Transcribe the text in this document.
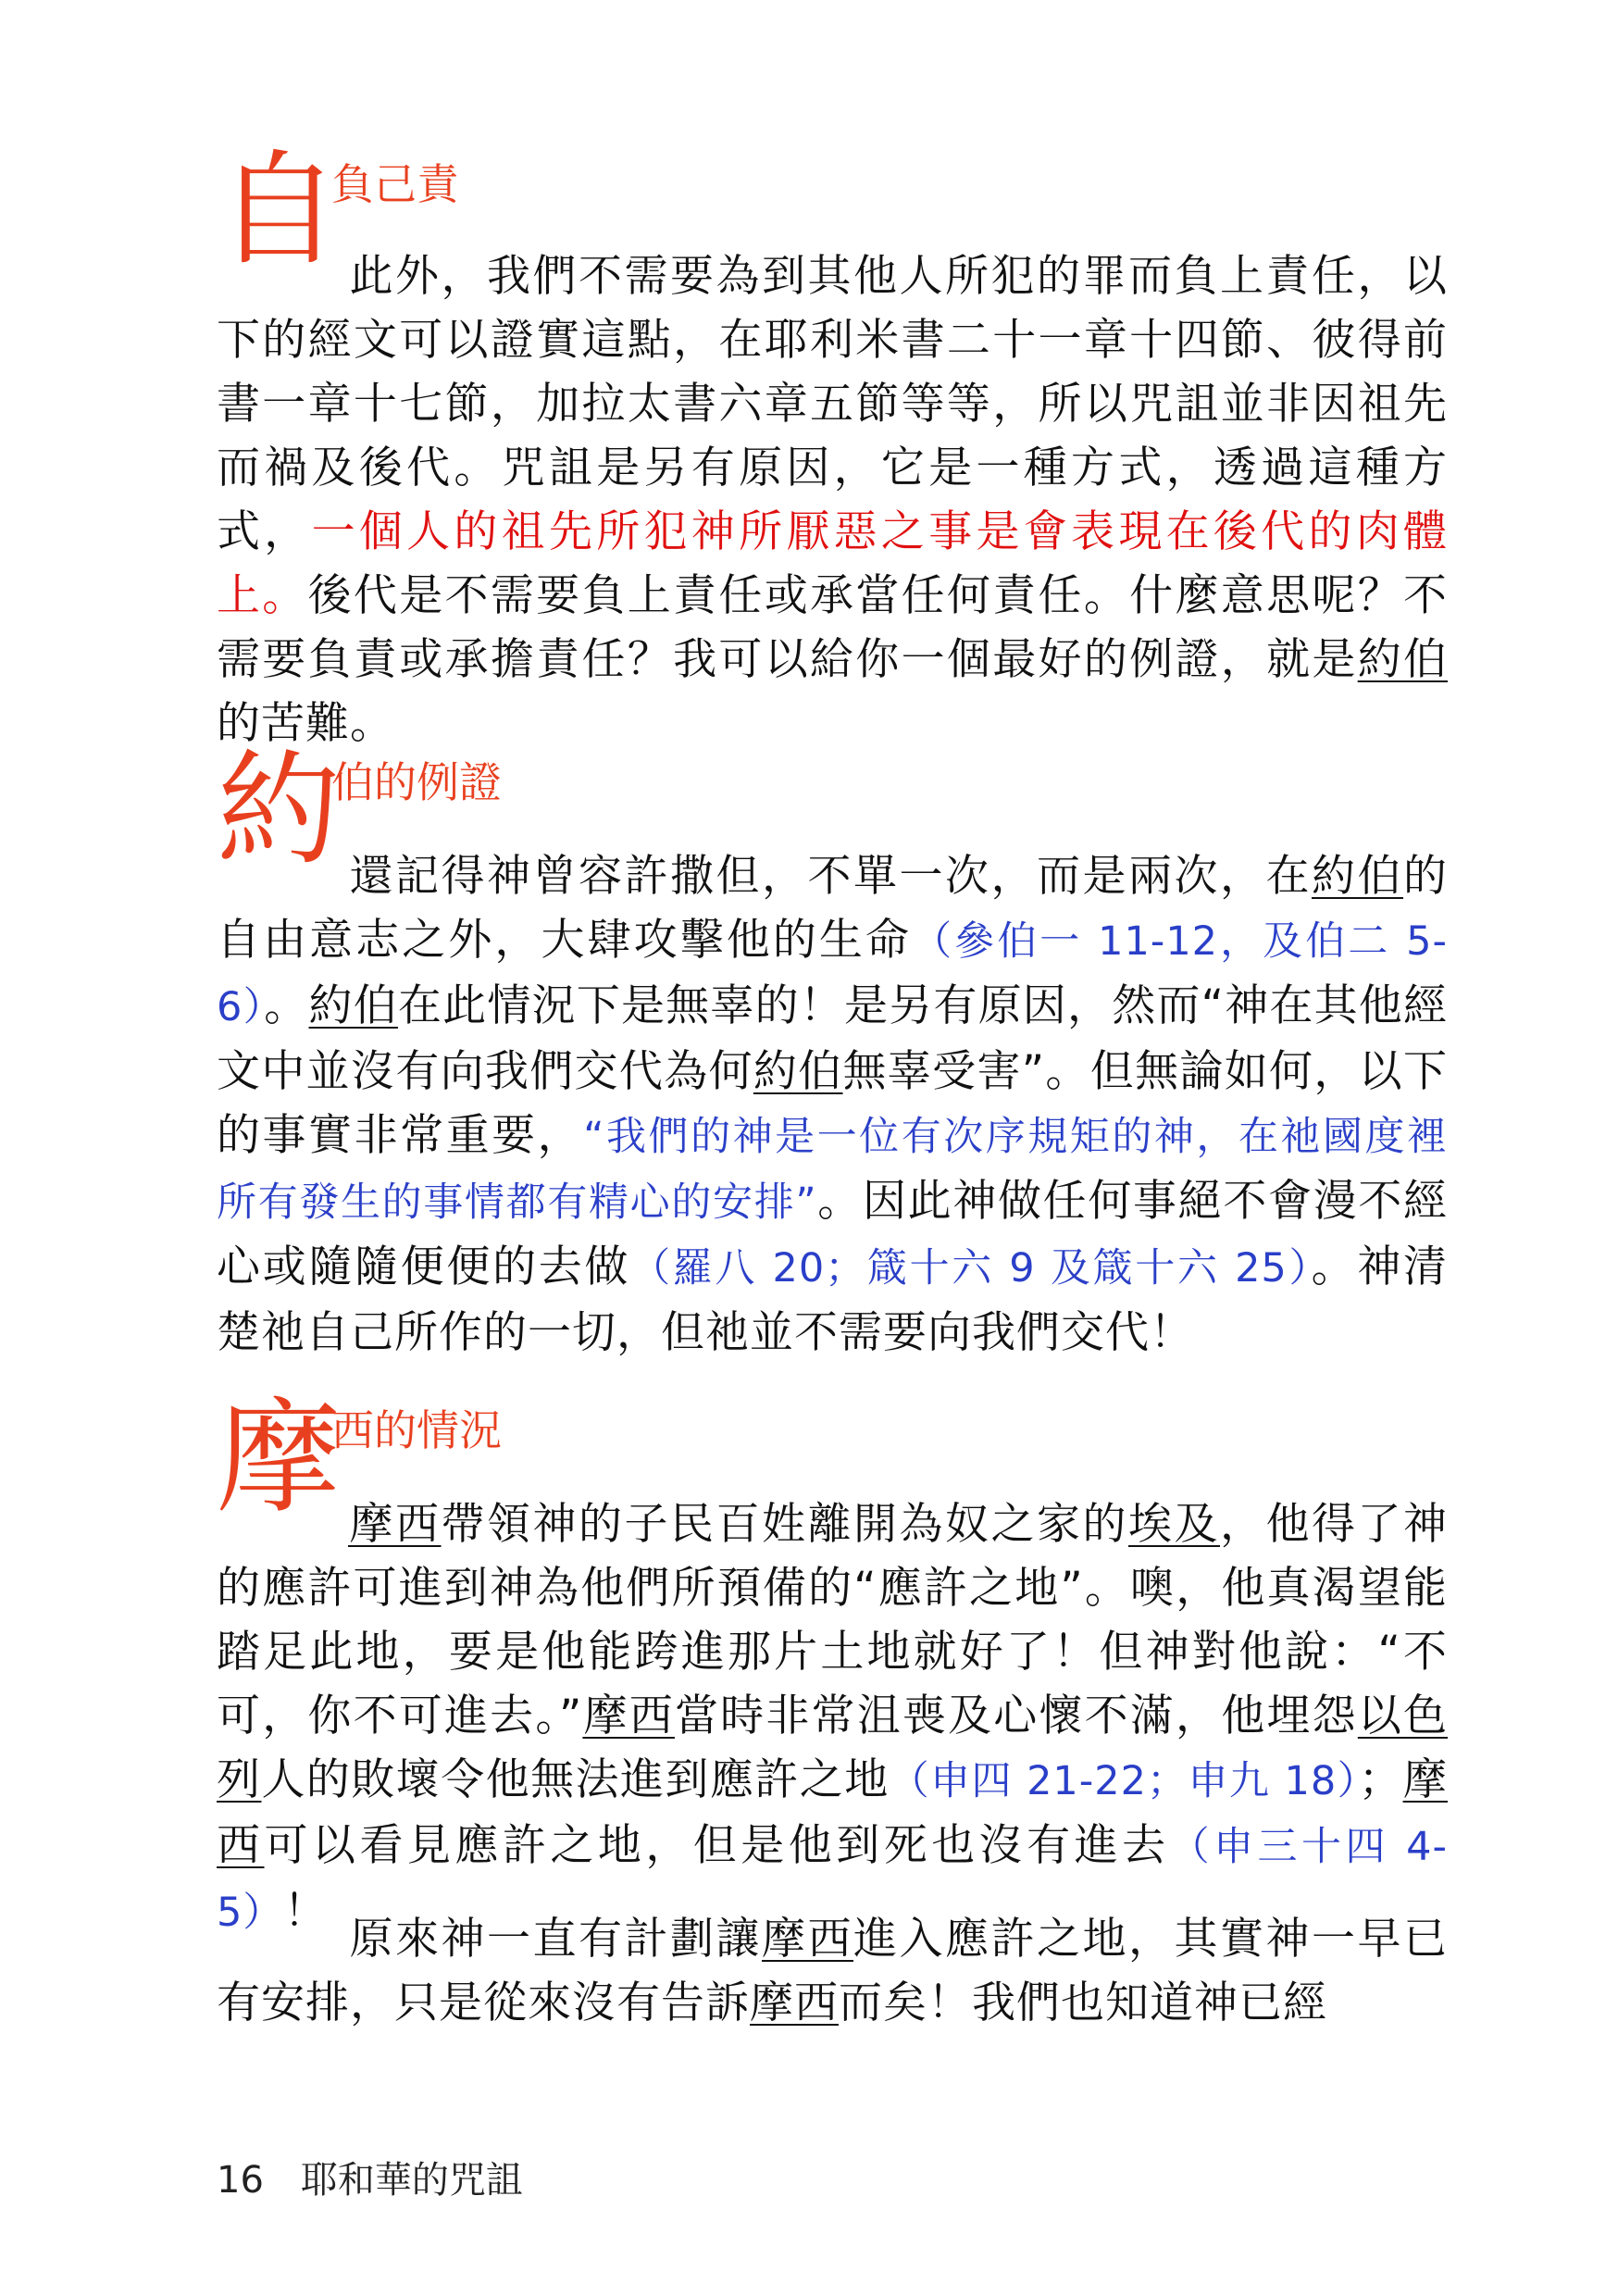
自
負己責

此外，我們不需要為到其他人所犯的罪而負上責任，以下的經文可以證實這點，在耶利米書二十一章十四節、彼得前書一章十七節，加拉太書六章五節等等，所以咒詛並非因祖先而禍及後代。咒詛是另有原因，它是一種方式，透過這種方式，一個人的祖先所犯神所厭惡之事是會表現在後代的肉體上。後代是不需要負上責任或承當任何責任。什麼意思呢？不需要負責或承擔責任？我可以給你一個最好的例證，就是約伯的苦難。

約
伯的例證

還記得神曾容許撒但，不單一次，而是兩次，在約伯的自由意志之外，大肆攻擊他的生命（參伯一 11-12，及伯二 5-6）。約伯在此情況下是無辜的！是另有原因，然而“神在其他經文中並沒有向我們交代為何約伯無辜受害”。但無論如何，以下的事實非常重要，“我們的神是一位有次序規矩的神，在祂國度裡所有發生的事情都有精心的安排”。因此神做任何事絕不會漫不經心或隨隨便便的去做（羅八 20；箴十六 9 及箴十六 25）。神清楚祂自己所作的一切，但祂並不需要向我們交代！

摩
西的情況

摩西帶領神的子民百姓離開為奴之家的埃及，他得了神的應許可進到神為他們所預備的“應許之地”。噢，他真渴望能踏足此地，要是他能跨進那片土地就好了！但神對他說：“不可，你不可進去。”摩西當時非常沮喪及心懷不滿，他埋怨以色列人的敗壞令他無法進到應許之地（申四 21-22；申九 18）；摩西可以看見應許之地，但是他到死也沒有進去（申三十四 4-5）！

原來神一直有計劃讓摩西進入應許之地，其實神一早已有安排，只是從來沒有告訴摩西而矣！我們也知道神已經

16 耶和華的咒詛
